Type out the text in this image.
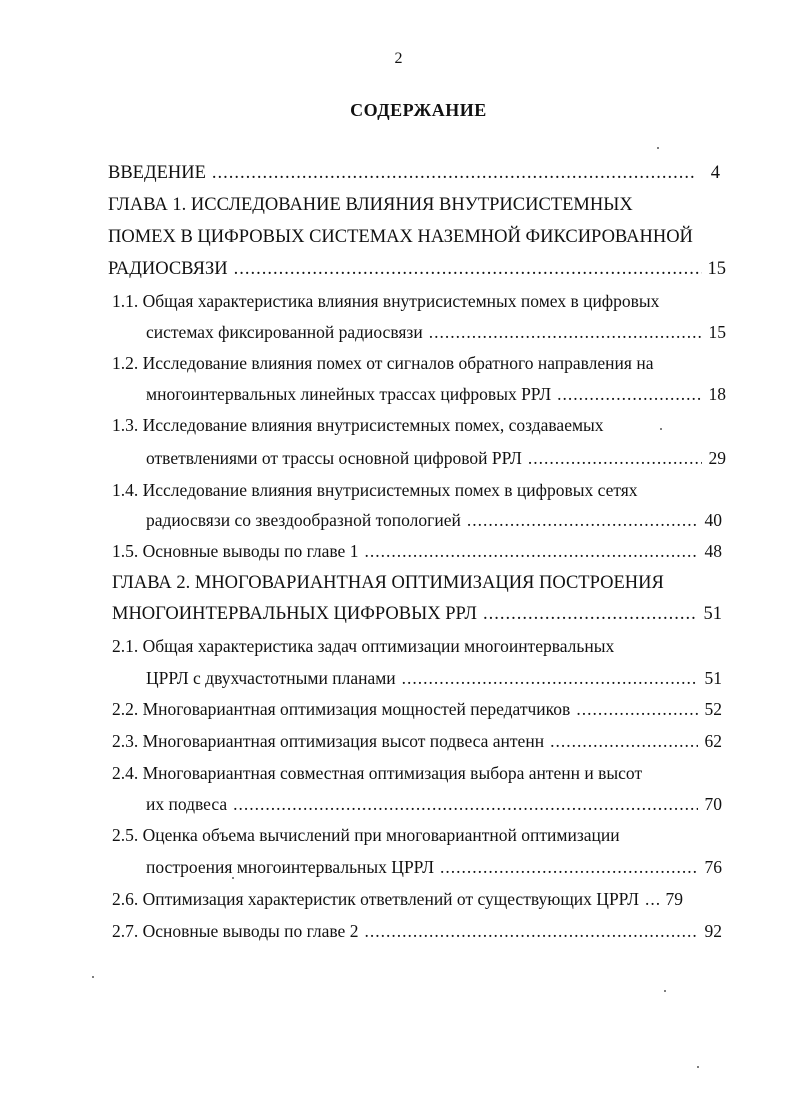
2
СОДЕРЖАНИЕ
ВВЕДЕНИЕ .....	4
ГЛАВА 1. ИССЛЕДОВАНИЕ ВЛИЯНИЯ ВНУТРИСИСТЕМНЫХ
ПОМЕХ В ЦИФРОВЫХ СИСТЕМАХ НАЗЕМНОЙ ФИКСИРОВАННОЙ
РАДИОСВЯЗИ .....	15
1.1. Общая характеристика влияния внутрисистемных помех в цифровых
системах фиксированной радиосвязи .....	15
1.2. Исследование влияния помех от сигналов обратного направления на
многоинтервальных линейных трассах цифровых РРЛ .....	18
1.3. Исследование влияния внутрисистемных помех, создаваемых
ответвлениями от трассы основной цифровой РРЛ .....	29
1.4. Исследование влияния внутрисистемных помех в цифровых сетях
радиосвязи со звездообразной топологией .....	40
1.5. Основные выводы по главе 1 .....	48
ГЛАВА 2. МНОГОВАРИАНТНАЯ ОПТИМИЗАЦИЯ ПОСТРОЕНИЯ
МНОГОИНТЕРВАЛЬНЫХ ЦИФРОВЫХ РРЛ .....	51
2.1. Общая характеристика задач оптимизации многоинтервальных
ЦРРЛ с двухчастотными планами .....	51
2.2. Многовариантная оптимизация мощностей передатчиков .....	52
2.3. Многовариантная оптимизация высот подвеса антенн .....	62
2.4. Многовариантная совместная оптимизация выбора антенн и высот
их подвеса .....	70
2.5. Оценка объема вычислений при многовариантной оптимизации
построения многоинтервальных ЦРРЛ .....	76
2.6. Оптимизация характеристик ответвлений от существующих ЦРРЛ ..... 79
2.7. Основные выводы по главе 2 .....	92
